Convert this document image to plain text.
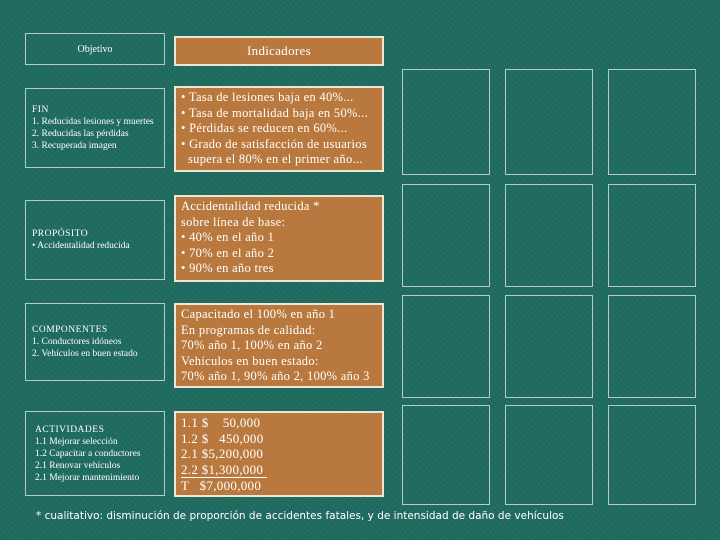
Objetivo	Indicadores
FIN
1. Reducidas lesiones y muertes
2. Reducidas las pérdidas
3. Recuperada imagen
• Tasa de lesiones baja en 40%...
• Tasa de mortalidad baja en 50%...
• Pérdidas se reducen en 60%...
• Grado de satisfacción de usuarios
supera el 80% en el primer año...
PROPÓSITO
• Accidentalidad reducida
Accidentalidad reducida *
sobre línea de base:
• 40% en el año 1
• 70% en el año 2
• 90% en año tres
COMPONENTES
1. Conductores idóneos
2. Vehículos en buen estado
Capacitado el 100% en año 1
En programas de calidad:
70% año 1, 100% en año 2
Vehículos en buen estado:
70% año 1, 90% año 2, 100% año 3
ACTIVIDADES
1.1 Mejorar selección
1.2 Capacitar a conductores
2.1 Renovar vehículos
2.1 Mejorar mantenimiento
1.1 $    50,000
1.2 $   450,000
2.1 $5,200,000
2.2 $1,300,000
T   $7,000,000
* cualitativo: disminución de proporción de accidentes fatales, y de intensidad de daño de vehículos
